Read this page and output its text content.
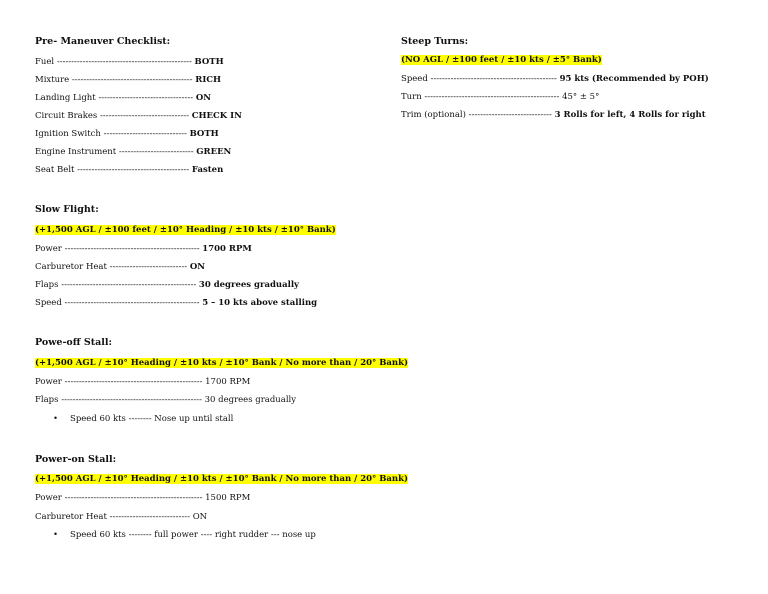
Pre- Maneuver Checklist:
Fuel ----------------------------------------------- BOTH
Mixture ------------------------------------------ RICH
Landing Light --------------------------------- ON
Circuit Brakes ------------------------------- CHECK IN
Ignition Switch ----------------------------- BOTH
Engine Instrument -------------------------- GREEN
Seat Belt --------------------------------------- Fasten
Slow Flight:
(+1,500 AGL / ±100 feet / ±10° Heading / ±10 kts / ±10° Bank)
Power ----------------------------------------------- 1700 RPM
Carburetor Heat --------------------------- ON
Flaps ----------------------------------------------- 30 degrees gradually
Speed ----------------------------------------------- 5 – 10 kts above stalling
Powe-off Stall:
(+1,500 AGL / ±10° Heading / ±10 kts / ±10° Bank / No more than / 20° Bank)
Power ------------------------------------------------ 1700 RPM
Flaps ------------------------------------------------- 30 degrees gradually
• Speed 60 kts -------- Nose up until stall
Power-on Stall:
(+1,500 AGL / ±10° Heading / ±10 kts / ±10° Bank / No more than / 20° Bank)
Power ------------------------------------------------ 1500 RPM
Carburetor Heat ---------------------------- ON
• Speed 60 kts -------- full power ---- right rudder --- nose up
Steep Turns:
(NO AGL / ±100 feet / ±10 kts / ±5° Bank)
Speed -------------------------------------------- 95 kts (Recommended by POH)
Turn ----------------------------------------------- 45° ± 5°
Trim (optional) ----------------------------- 3 Rolls for left, 4 Rolls for right
